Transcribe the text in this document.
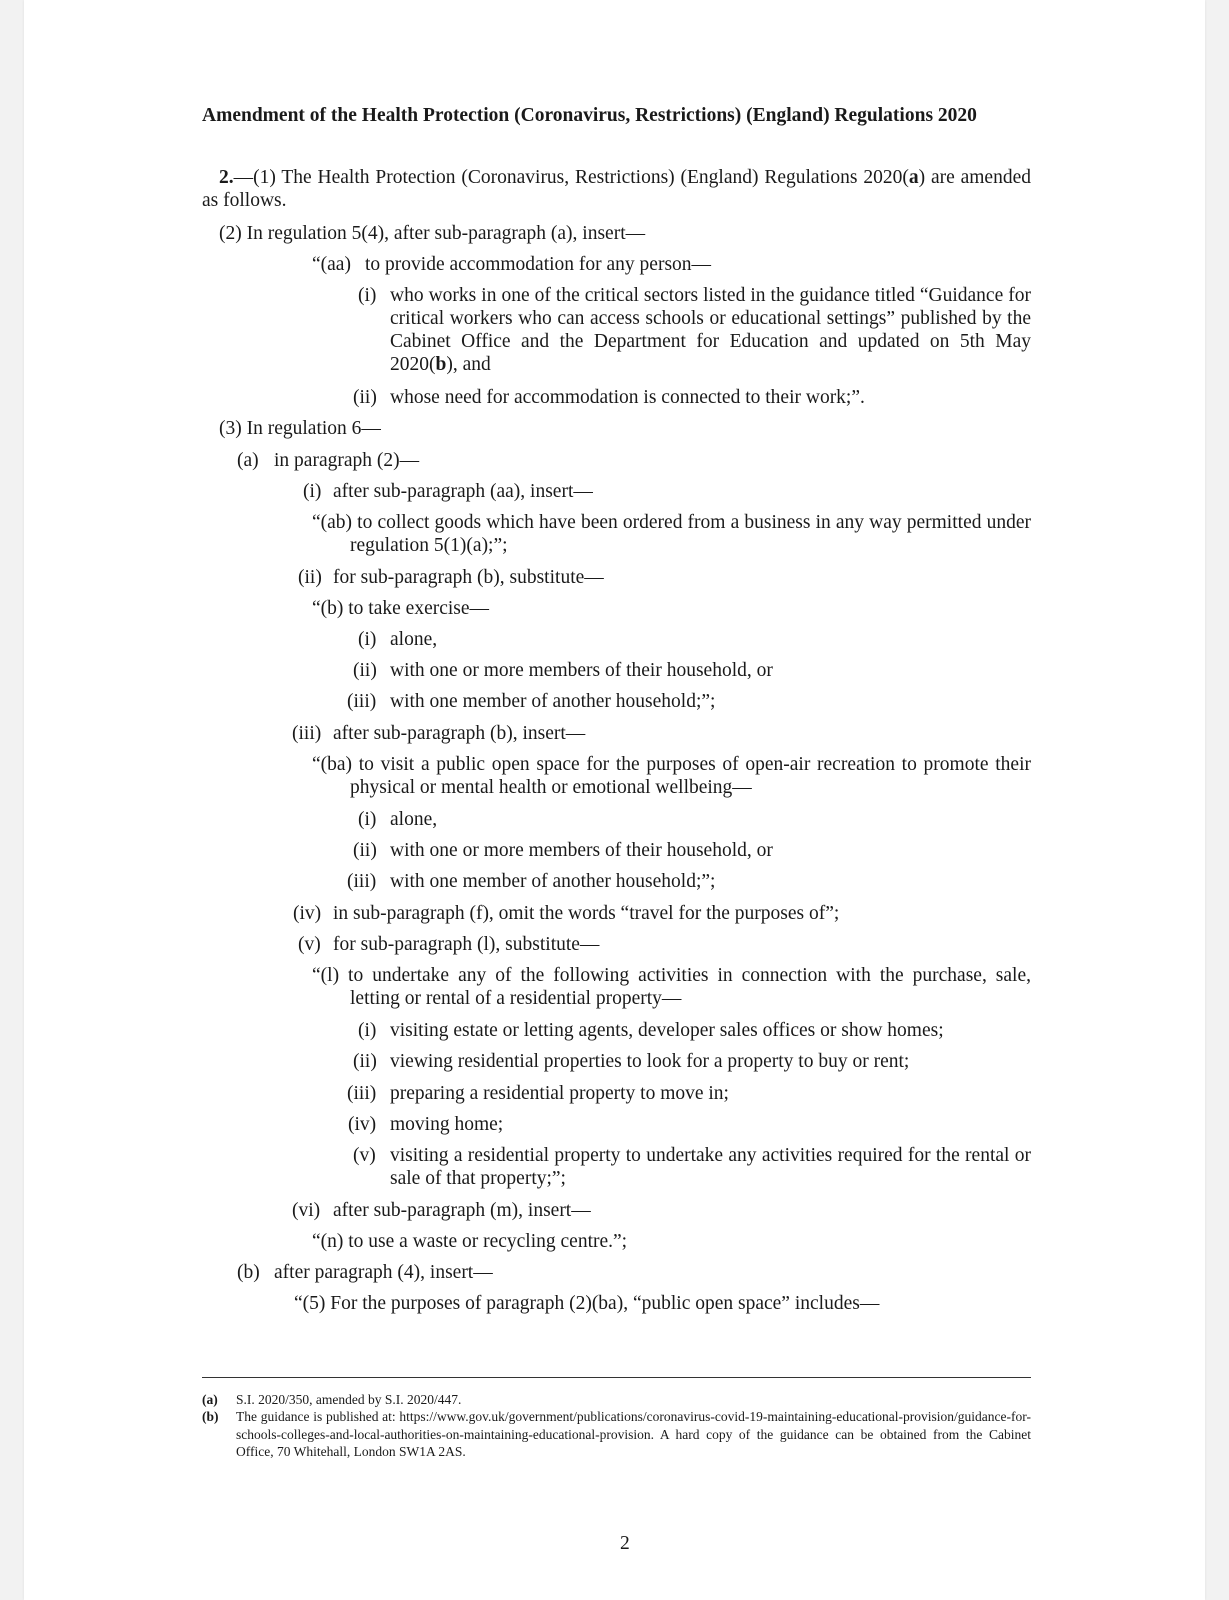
Amendment of the Health Protection (Coronavirus, Restrictions) (England) Regulations 2020
2.—(1) The Health Protection (Coronavirus, Restrictions) (England) Regulations 2020(a) are amended as follows.
(2) In regulation 5(4), after sub-paragraph (a), insert—
“(aa) to provide accommodation for any person—
(i) who works in one of the critical sectors listed in the guidance titled “Guidance for critical workers who can access schools or educational settings” published by the Cabinet Office and the Department for Education and updated on 5th May 2020(b), and
(ii) whose need for accommodation is connected to their work;”.
(3) In regulation 6—
(a) in paragraph (2)—
(i) after sub-paragraph (aa), insert—
“(ab) to collect goods which have been ordered from a business in any way permitted under regulation 5(1)(a);”;
(ii) for sub-paragraph (b), substitute—
“(b) to take exercise—
(i) alone,
(ii) with one or more members of their household, or
(iii) with one member of another household;”;
(iii) after sub-paragraph (b), insert—
“(ba) to visit a public open space for the purposes of open-air recreation to promote their physical or mental health or emotional wellbeing—
(i) alone,
(ii) with one or more members of their household, or
(iii) with one member of another household;”;
(iv) in sub-paragraph (f), omit the words “travel for the purposes of”;
(v) for sub-paragraph (l), substitute—
“(l) to undertake any of the following activities in connection with the purchase, sale, letting or rental of a residential property—
(i) visiting estate or letting agents, developer sales offices or show homes;
(ii) viewing residential properties to look for a property to buy or rent;
(iii) preparing a residential property to move in;
(iv) moving home;
(v) visiting a residential property to undertake any activities required for the rental or sale of that property;”;
(vi) after sub-paragraph (m), insert—
“(n) to use a waste or recycling centre.”;
(b) after paragraph (4), insert—
“(5) For the purposes of paragraph (2)(ba), “public open space” includes—
(a) S.I. 2020/350, amended by S.I. 2020/447.
(b) The guidance is published at: https://www.gov.uk/government/publications/coronavirus-covid-19-maintaining-educational-provision/guidance-for-schools-colleges-and-local-authorities-on-maintaining-educational-provision. A hard copy of the guidance can be obtained from the Cabinet Office, 70 Whitehall, London SW1A 2AS.
2
